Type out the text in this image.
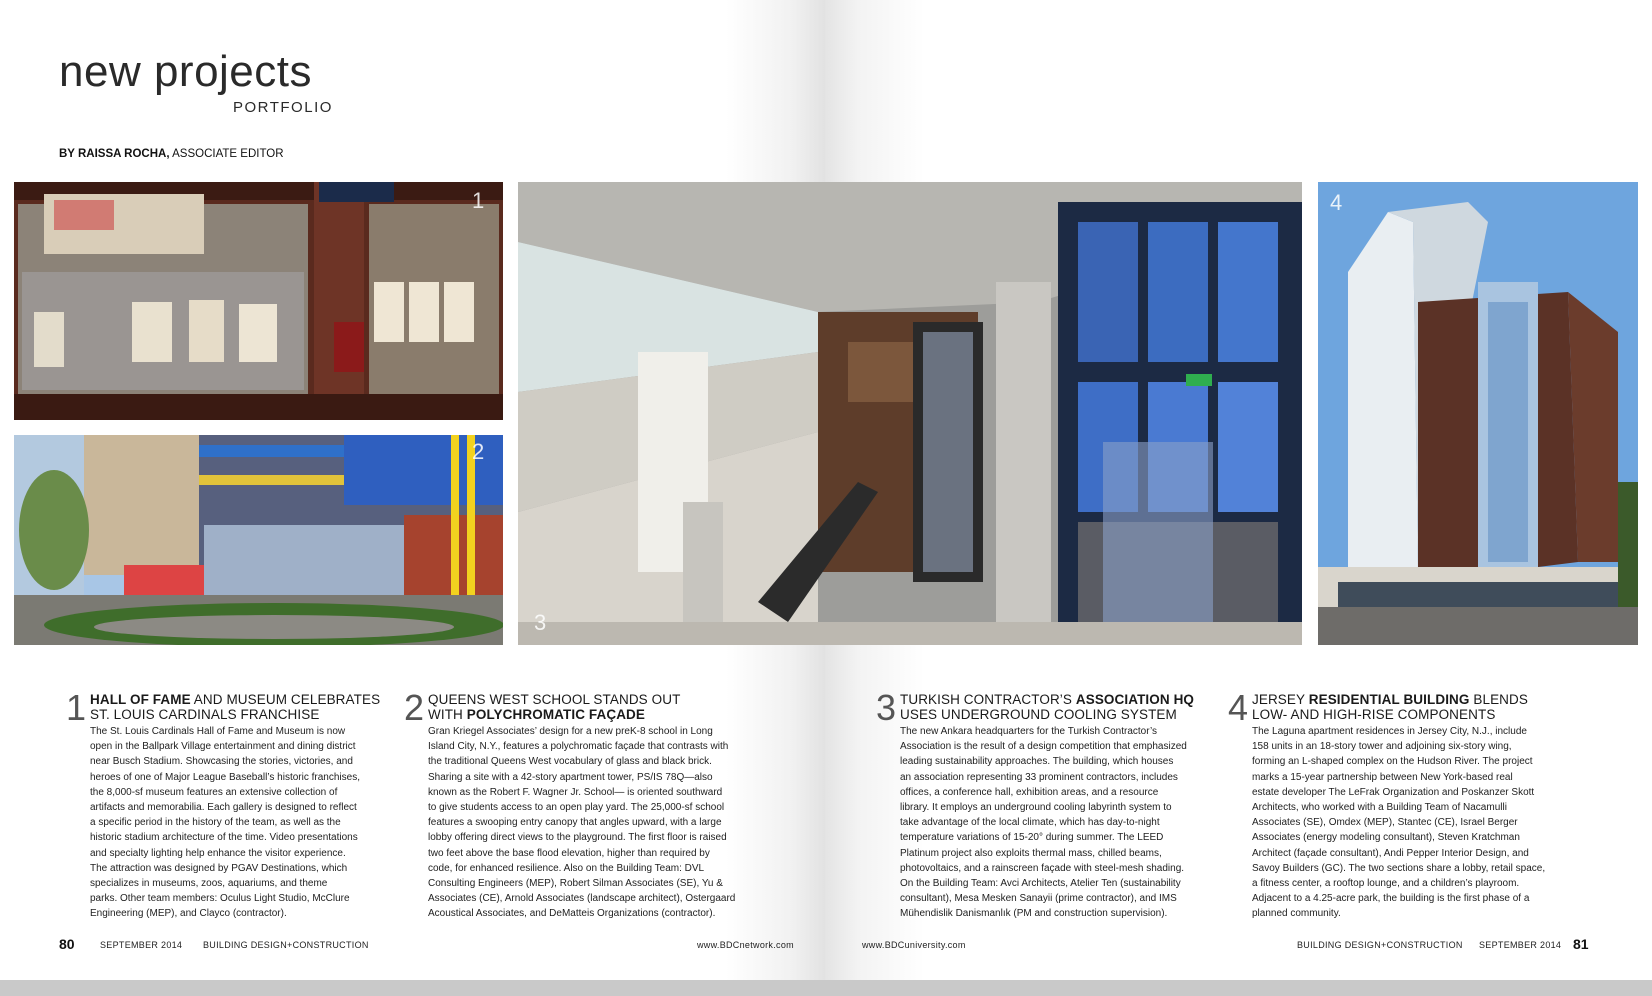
new projects
PORTFOLIO
BY RAISSA ROCHA, ASSOCIATE EDITOR
1
2
3
4
1 HALL OF FAME AND MUSEUM CELEBRATES
ST. LOUIS CARDINALS FRANCHISE
The St. Louis Cardinals Hall of Fame and Museum is now
open in the Ballpark Village entertainment and dining district
near Busch Stadium. Showcasing the stories, victories, and
heroes of one of Major League Baseball’s historic franchises,
the 8,000-sf museum features an extensive collection of
artifacts and memorabilia. Each gallery is designed to reflect
a specific period in the history of the team, as well as the
historic stadium architecture of the time. Video presentations
and specialty lighting help enhance the visitor experience.
The attraction was designed by PGAV Destinations, which
specializes in museums, zoos, aquariums, and theme
parks. Other team members: Oculus Light Studio, McClure
Engineering (MEP), and Clayco (contractor).
2 QUEENS WEST SCHOOL STANDS OUT
WITH POLYCHROMATIC FAÇADE
Gran Kriegel Associates’ design for a new preK-8 school in Long
Island City, N.Y., features a polychromatic façade that contrasts with
the traditional Queens West vocabulary of glass and black brick.
Sharing a site with a 42-story apartment tower, PS/IS 78Q—also
known as the Robert F. Wagner Jr. School— is oriented southward
to give students access to an open play yard. The 25,000-sf school
features a swooping entry canopy that angles upward, with a large
lobby offering direct views to the playground. The first floor is raised
two feet above the base flood elevation, higher than required by
code, for enhanced resilience. Also on the Building Team: DVL
Consulting Engineers (MEP), Robert Silman Associates (SE), Yu &
Associates (CE), Arnold Associates (landscape architect), Ostergaard
Acoustical Associates, and DeMatteis Organizations (contractor).
3 TURKISH CONTRACTOR’S ASSOCIATION HQ
USES UNDERGROUND COOLING SYSTEM
The new Ankara headquarters for the Turkish Contractor’s
Association is the result of a design competition that emphasized
leading sustainability approaches. The building, which houses
an association representing 33 prominent contractors, includes
offices, a conference hall, exhibition areas, and a resource
library. It employs an underground cooling labyrinth system to
take advantage of the local climate, which has day-to-night
temperature variations of 15-20° during summer. The LEED
Platinum project also exploits thermal mass, chilled beams,
photovoltaics, and a rainscreen façade with steel-mesh shading.
On the Building Team: Avci Architects, Atelier Ten (sustainability
consultant), Mesa Mesken Sanayii (prime contractor), and IMS
Mühendislik Danismanlık (PM and construction supervision).
4 JERSEY RESIDENTIAL BUILDING BLENDS
LOW- AND HIGH-RISE COMPONENTS
The Laguna apartment residences in Jersey City, N.J., include
158 units in an 18-story tower and adjoining six-story wing,
forming an L-shaped complex on the Hudson River. The project
marks a 15-year partnership between New York-based real
estate developer The LeFrak Organization and Poskanzer Skott
Architects, who worked with a Building Team of Nacamulli
Associates (SE), Omdex (MEP), Stantec (CE), Israel Berger
Associates (energy modeling consultant), Steven Kratchman
Architect (façade consultant), Andi Pepper Interior Design, and
Savoy Builders (GC). The two sections share a lobby, retail space,
a fitness center, a rooftop lounge, and a children’s playroom.
Adjacent to a 4.25-acre park, the building is the first phase of a
planned community.
80	SEPTEMBER 2014 BUILDING DESIGN+CONSTRUCTION	www.BDCnetwork.com	www.BDCuniversity.com	BUILDING DESIGN+CONSTRUCTION SEPTEMBER 2014 81
